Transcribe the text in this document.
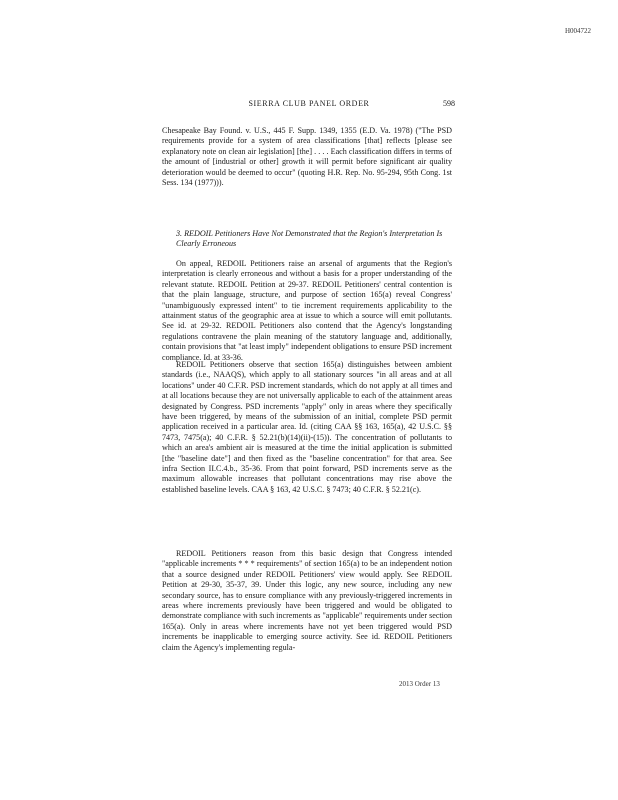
H004722
SIERRA CLUB PANEL ORDER	598

Chesapeake Bay Found. v. U.S., 445 F. Supp. 1349, 1355 (E.D. Va. 1978) ("The PSD requirements provide for a system of area classifications [that] reflects [please see explanatory note on clean air legislation] [the] . . . . Each classification differs in terms of the amount of [industrial or other] growth it will permit before significant air quality deterioration would be deemed to occur" (quoting H.R. Rep. No. 95-294, 95th Cong. 1st Sess. 134 (1977))).

3. REDOIL Petitioners Have Not Demonstrated that the Region's Interpretation Is Clearly Erroneous

On appeal, REDOIL Petitioners raise an arsenal of arguments that the Region's interpretation is clearly erroneous and without a basis for a proper understanding of the relevant statute. REDOIL Petition at 29-37. REDOIL Petitioners' central contention is that the plain language, structure, and purpose of section 165(a) reveal Congress' "unambiguously expressed intent" to tie increment requirements applicability to the attainment status of the geographic area at issue to which a source will emit pollutants. See id. at 29-32. REDOIL Petitioners also contend that the Agency's longstanding regulations contravene the plain meaning of the statutory language and, additionally, contain provisions that "at least imply" independent obligations to ensure PSD increment compliance. Id. at 33-36.

REDOIL Petitioners observe that section 165(a) distinguishes between ambient standards (i.e., NAAQS), which apply to all stationary sources "in all areas and at all locations" under 40 C.F.R. PSD increment standards, which do not apply at all times and at all locations because they are not universally applicable to each of the attainment areas designated by Congress. PSD increments "apply" only in areas where they specifically have been triggered, by means of the submission of an initial, complete PSD permit application received in a particular area. Id. (citing CAA §§ 163, 165(a), 42 U.S.C. §§ 7473, 7475(a); 40 C.F.R. § 52.21(b)(14)(ii)-(15)). The concentration of pollutants to which an area's ambient air is measured at the time the initial application is submitted [the "baseline date"] and then fixed as the "baseline concentration" for that area. See infra Section II.C.4.b., 35-36. From that point forward, PSD increments serve as the maximum allowable increases that pollutant concentrations may rise above the established baseline levels. CAA § 163, 42 U.S.C. § 7473; 40 C.F.R. § 52.21(c).

REDOIL Petitioners reason from this basic design that Congress intended "applicable increments * * * requirements" of section 165(a) to be an independent notion that a source designed under REDOIL Petitioners' view would apply. See REDOIL Petition at 29-30, 35-37, 39. Under this logic, any new source, including any new secondary source, has to ensure compliance with any previously-triggered increments in areas where increments previously have been triggered and would be obligated to demonstrate compliance with such increments as "applicable" requirements under section 165(a). Only in areas where increments have not yet been triggered would PSD increments be inapplicable to emerging source activity. See id. REDOIL Petitioners claim the Agency's implementing regula-

2013 Order 13
